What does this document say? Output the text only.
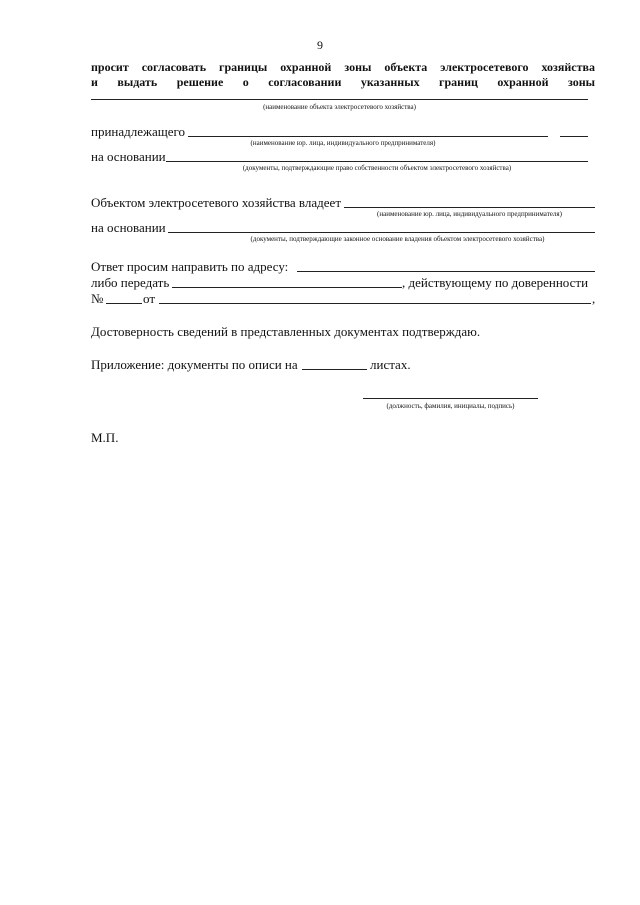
9
просит согласовать границы охранной зоны объекта электросетевого хозяйства
и выдать решение о согласовании указанных границ охранной зоны
(наименование объекта электросетевого хозяйства)
принадлежащего
(наименование юр. лица, индивидуального предпринимателя)
на основании
(документы, подтверждающие право собственности объектом электросетевого хозяйства)
Объектом электросетевого хозяйства владеет
(наименование юр. лица, индивидуального предпринимателя)
на основании
(документы, подтверждающие законное основание владения объектом электросетевого хозяйства)
Ответ просим направить по адресу:
либо передать	, действующему по доверенности
№	от	,
Достоверность сведений в представленных документах подтверждаю.
Приложение: документы по описи на	листах.
(должность, фамилия, инициалы, подпись)
М.П.
